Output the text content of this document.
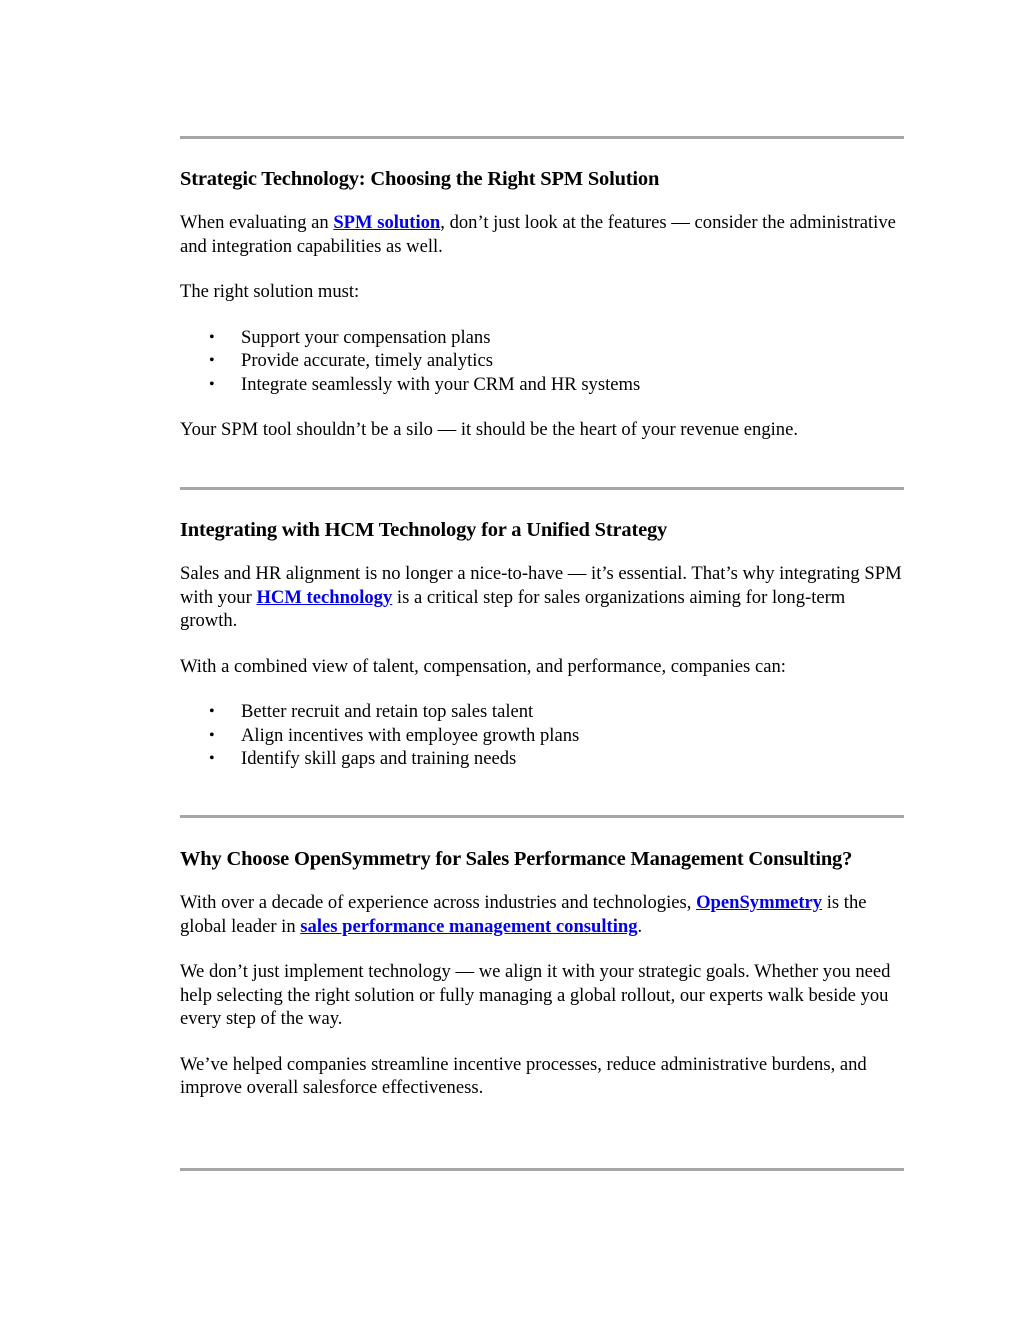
Strategic Technology: Choosing the Right SPM Solution

When evaluating an SPM solution, don’t just look at the features — consider the administrative and integration capabilities as well.

The right solution must:

• Support your compensation plans
• Provide accurate, timely analytics
• Integrate seamlessly with your CRM and HR systems

Your SPM tool shouldn’t be a silo — it should be the heart of your revenue engine.

Integrating with HCM Technology for a Unified Strategy

Sales and HR alignment is no longer a nice-to-have — it’s essential. That’s why integrating SPM with your HCM technology is a critical step for sales organizations aiming for long-term growth.

With a combined view of talent, compensation, and performance, companies can:

• Better recruit and retain top sales talent
• Align incentives with employee growth plans
• Identify skill gaps and training needs
Why Choose OpenSymmetry for Sales Performance Management Consulting?

With over a decade of experience across industries and technologies, OpenSymmetry is the global leader in sales performance management consulting.

We don’t just implement technology — we align it with your strategic goals. Whether you need help selecting the right solution or fully managing a global rollout, our experts walk beside you every step of the way.

We’ve helped companies streamline incentive processes, reduce administrative burdens, and improve overall salesforce effectiveness.
